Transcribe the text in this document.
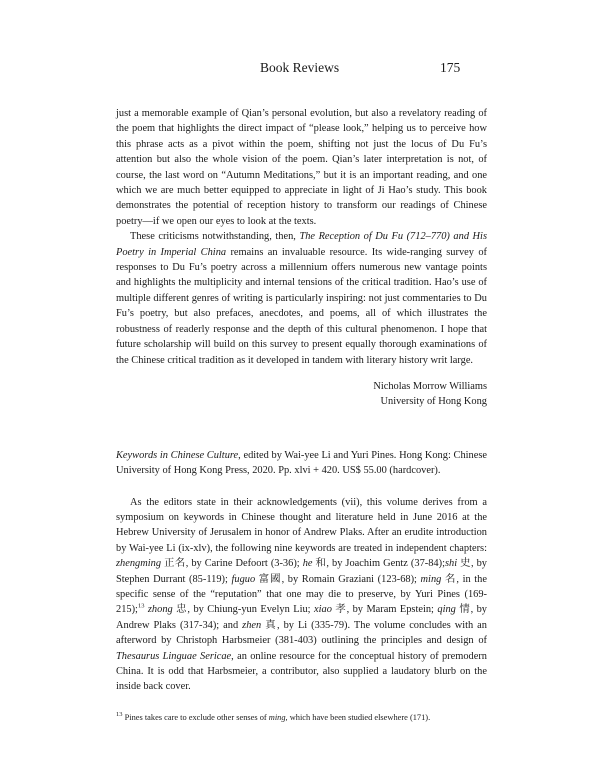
Book Reviews	175

just a memorable example of Qian’s personal evolution, but also a revelatory reading of the poem that highlights the direct impact of “please look,” helping us to perceive how this phrase acts as a pivot within the poem, shifting not just the locus of Du Fu’s attention but also the whole vision of the poem. Qian’s later interpretation is not, of course, the last word on “Autumn Meditations,” but it is an important reading, and one which we are much better equipped to appreciate in light of Ji Hao’s study. This book demonstrates the potential of reception history to transform our readings of Chinese poetry—if we open our eyes to look at the texts.

These criticisms notwithstanding, then, The Reception of Du Fu (712–770) and His Poetry in Imperial China remains an invaluable resource. Its wide-ranging survey of responses to Du Fu’s poetry across a millennium offers numerous new vantage points and highlights the multiplicity and internal tensions of the critical tradition. Hao’s use of multiple different genres of writing is particularly inspiring: not just commentaries to Du Fu’s poetry, but also prefaces, anecdotes, and poems, all of which illustrates the robustness of readerly response and the depth of this cultural phenomenon. I hope that future scholarship will build on this survey to present equally thorough examinations of the Chinese critical tradition as it developed in tandem with literary history writ large.

Nicholas Morrow Williams
University of Hong Kong

Keywords in Chinese Culture, edited by Wai-yee Li and Yuri Pines. Hong Kong: Chinese University of Hong Kong Press, 2020. Pp. xlvi + 420. US$ 55.00 (hardcover).

As the editors state in their acknowledgements (vii), this volume derives from a symposium on keywords in Chinese thought and literature held in June 2016 at the Hebrew University of Jerusalem in honor of Andrew Plaks. After an erudite introduction by Wai-yee Li (ix-xlv), the following nine keywords are treated in independent chapters: zhengming 正名, by Carine Defoort (3-36); he 和, by Joachim Gentz (37-84);shi 史, by Stephen Durrant (85-119); fuguo 富國, by Romain Graziani (123-68); ming 名, in the specific sense of the “reputation” that one may die to preserve, by Yuri Pines (169-215);$^{13}$ zhong 忠, by Chiung-yun Evelyn Liu; xiao 孝, by Maram Epstein; qing 情, by Andrew Plaks (317-34); and zhen 真, by Li (335-79). The volume concludes with an afterword by Christoph Harbsmeier (381-403) outlining the principles and design of Thesaurus Linguae Sericae, an online resource for the conceptual history of premodern China. It is odd that Harbsmeier, a contributor, also supplied a laudatory blurb on the inside back cover.

$^{13}$ Pines takes care to exclude other senses of ming, which have been studied elsewhere (171).
